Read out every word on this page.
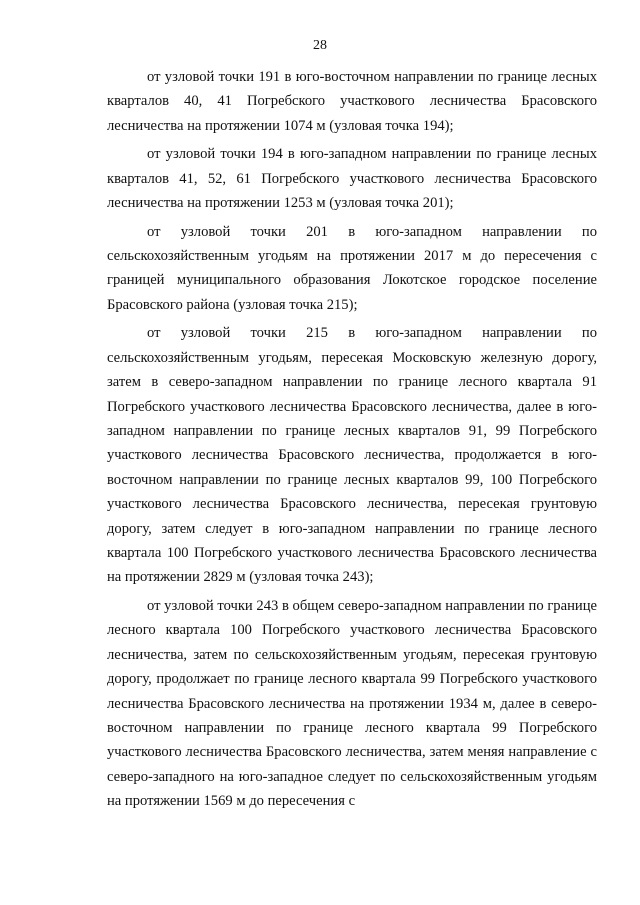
28

от узловой точки 191 в юго-восточном направлении по границе лесных кварталов 40, 41 Погребского участкового лесничества Брасовского лесничества на протяжении 1074 м (узловая точка 194);

от узловой точки 194 в юго-западном направлении по границе лесных кварталов 41, 52, 61 Погребского участкового лесничества Брасовского лесничества на протяжении 1253 м (узловая точка 201);

от узловой точки 201 в юго-западном направлении по сельскохозяйственным угодьям на протяжении 2017 м до пересечения с границей муниципального образования Локотское городское поселение Брасовского района (узловая точка 215);

от узловой точки 215 в юго-западном направлении по сельскохозяйственным угодьям, пересекая Московскую железную дорогу, затем в северо-западном направлении по границе лесного квартала 91 Погребского участкового лесничества Брасовского лесничества, далее в юго-западном направлении по границе лесных кварталов 91, 99 Погребского участкового лесничества Брасовского лесничества, продолжается в юго-восточном направлении по границе лесных кварталов 99, 100 Погребского участкового лесничества Брасовского лесничества, пересекая грунтовую дорогу, затем следует в юго-западном направлении по границе лесного квартала 100 Погребского участкового лесничества Брасовского лесничества на протяжении 2829 м (узловая точка 243);

от узловой точки 243 в общем северо-западном направлении по границе лесного квартала 100 Погребского участкового лесничества Брасовского лесничества, затем по сельскохозяйственным угодьям, пересекая грунтовую дорогу, продолжает по границе лесного квартала 99 Погребского участкового лесничества Брасовского лесничества на протяжении 1934 м, далее в северо-восточном направлении по границе лесного квартала 99 Погребского участкового лесничества Брасовского лесничества, затем меняя направление с северо-западного на юго-западное следует по сельскохозяйственным угодьям на протяжении 1569 м до пересечения с
